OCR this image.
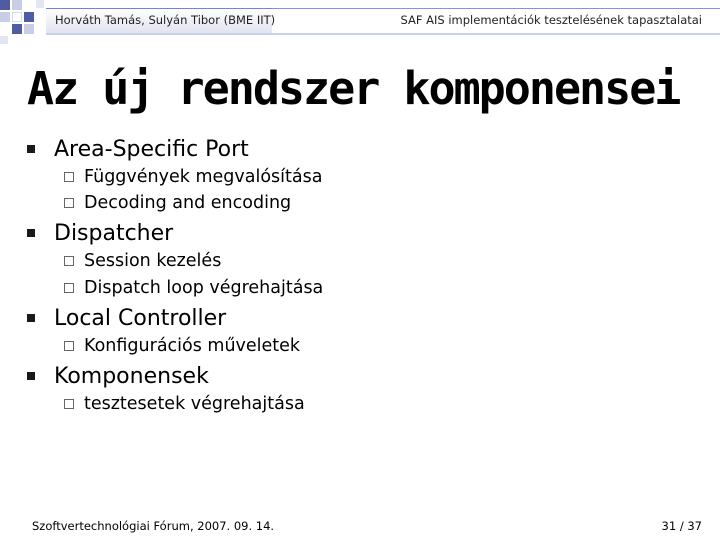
Horváth Tamás, Sulyán Tibor (BME IIT)	SAF AIS implementációk tesztelésének tapasztalatai
Az új rendszer komponensei
Area-Specific Port
Függvények megvalósítása
Decoding and encoding
Dispatcher
Session kezelés
Dispatch loop végrehajtása
Local Controller
Konfigurációs műveletek
Komponensek
tesztesetek végrehajtása
Szoftvertechnológiai Fórum, 2007. 09. 14.	31 / 37
